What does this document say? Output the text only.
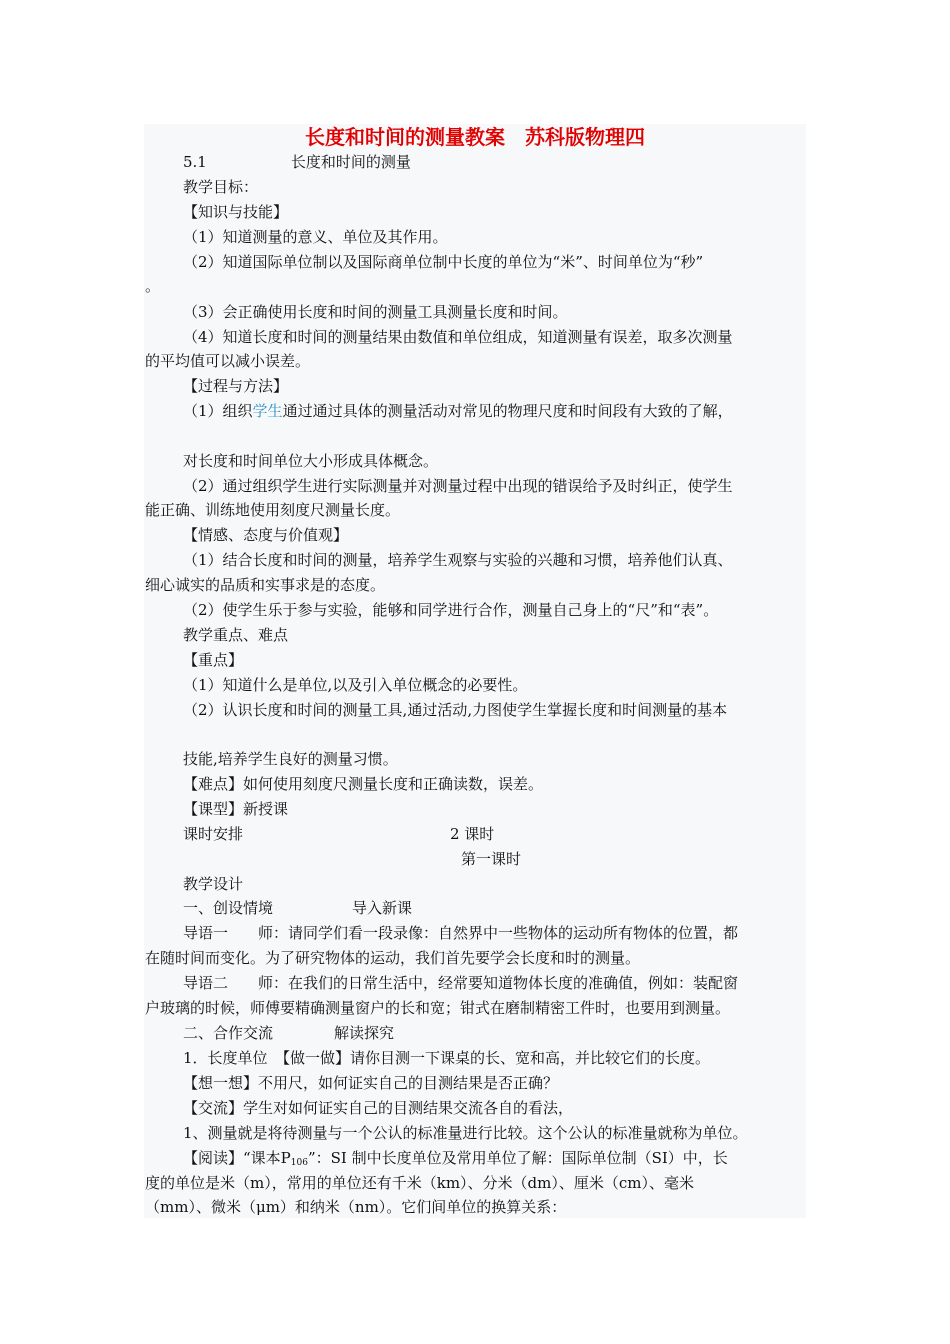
长度和时间的测量教案 苏科版物理四
5.1	长度和时间的测量
教学目标：
【知识与技能】
（1）知道测量的意义、单位及其作用。
（2）知道国际单位制以及国际商单位制中长度的单位为“米”、时间单位为“秒”
。
（3）会正确使用长度和时间的测量工具测量长度和时间。
（4）知道长度和时间的测量结果由数值和单位组成，知道测量有误差，取多次测量
的平均值可以减小误差。
【过程与方法】
（1）组织学生通过通过具体的测量活动对常见的物理尺度和时间段有大致的了解，
对长度和时间单位大小形成具体概念。
（2）通过组织学生进行实际测量并对测量过程中出现的错误给予及时纠正，使学生
能正确、训练地使用刻度尺测量长度。
【情感、态度与价值观】
（1）结合长度和时间的测量，培养学生观察与实验的兴趣和习惯，培养他们认真、
细心诚实的品质和实事求是的态度。
（2）使学生乐于参与实验，能够和同学进行合作，测量自己身上的“尺”和“表”。
教学重点、难点
【重点】
（1）知道什么是单位,以及引入单位概念的必要性。
（2）认识长度和时间的测量工具,通过活动,力图使学生掌握长度和时间测量的基本
技能,培养学生良好的测量习惯。
【难点】如何使用刻度尺测量长度和正确读数，误差。
【课型】新授课
课时安排	2 课时
第一课时
教学设计
一、创设情境	导入新课
导语一　　师：请同学们看一段录像：自然界中一些物体的运动所有物体的位置，都
在随时间而变化。为了研究物体的运动，我们首先要学会长度和时的测量。
导语二　　师：在我们的日常生活中，经常要知道物体长度的准确值，例如：装配窗
户玻璃的时候，师傅要精确测量窗户的长和宽；钳式在磨制精密工件时，也要用到测量。
二、合作交流	解读探究
1．长度单位　【做一做】请你目测一下课桌的长、宽和高，并比较它们的长度。
【想一想】不用尺，如何证实自己的目测结果是否正确？
【交流】学生对如何证实自己的目测结果交流各自的看法，
1、测量就是将待测量与一个公认的标准量进行比较。这个公认的标准量就称为单位。
【阅读】“课本$P_{106}$”：SI 制中长度单位及常用单位了解：国际单位制（SI）中，长
度的单位是米（m），常用的单位还有千米（km）、分米（dm）、厘米（cm）、毫米
（mm）、微米（μm）和纳米（nm）。它们间单位的换算关系：
